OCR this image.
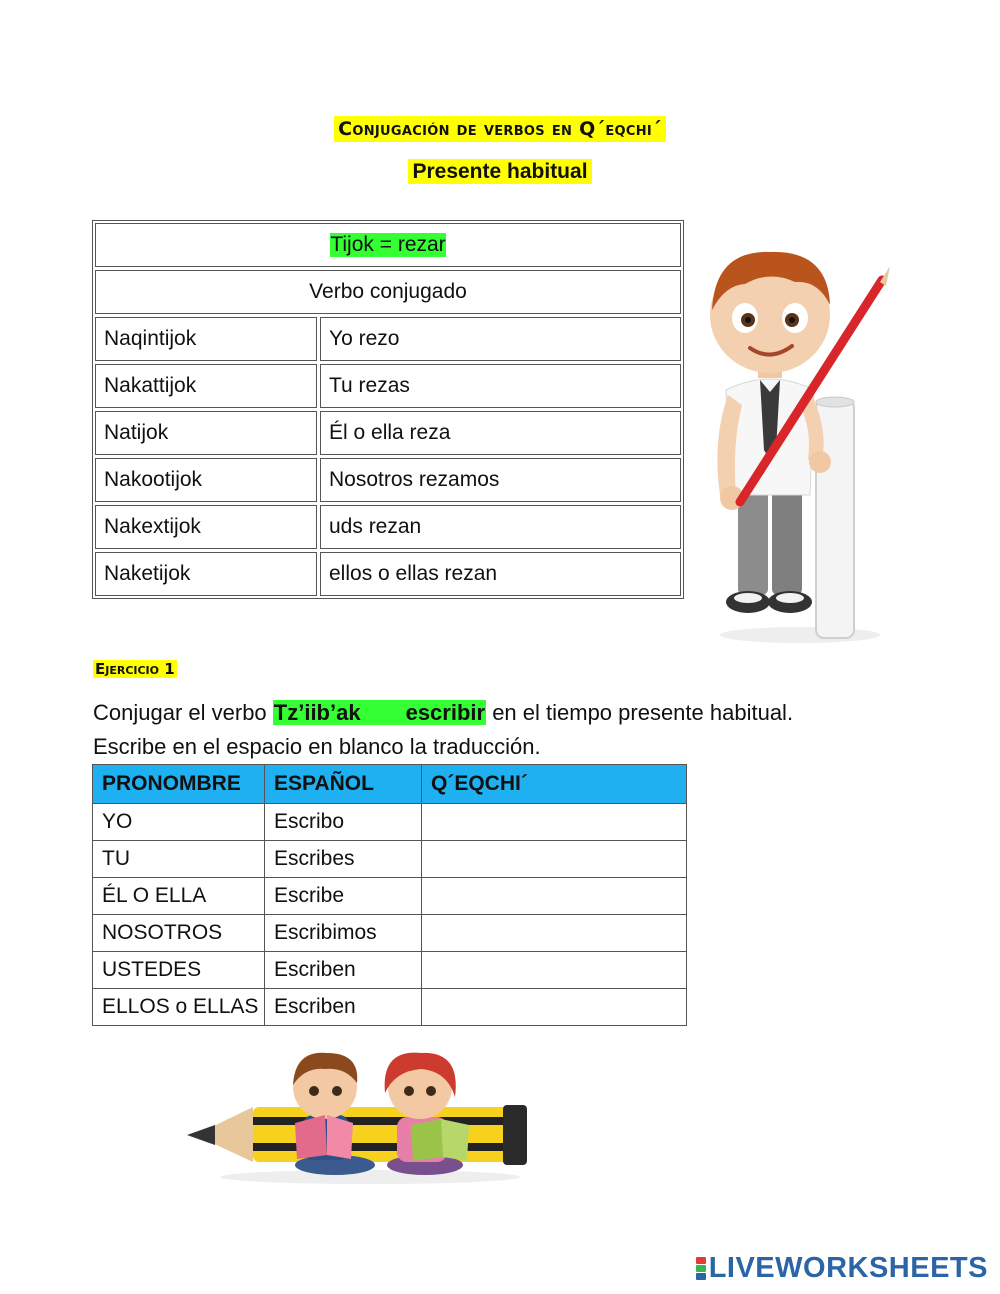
Conjugación de verbos en Q´eqchi´
Presente habitual
Tijok = rezar
Verbo conjugado
Naqintijok	Yo rezo
Nakattijok	Tu rezas
Natijok	Él o ella reza
Nakootijok	Nosotros rezamos
Nakextijok	uds rezan
Naketijok	ellos o ellas rezan
Ejercicio 1
Conjugar el verbo Tz’iib’ak escribir en el tiempo presente habitual.
Escribe en el espacio en blanco la traducción.
PRONOMBRE	ESPAÑOL	Q´EQCHI´
YO	Escribo	
TU	Escribes	
ÉL O ELLA	Escribe	
NOSOTROS	Escribimos	
USTEDES	Escriben	
ELLOS o ELLAS	Escriben	
LIVEWORKSHEETS
